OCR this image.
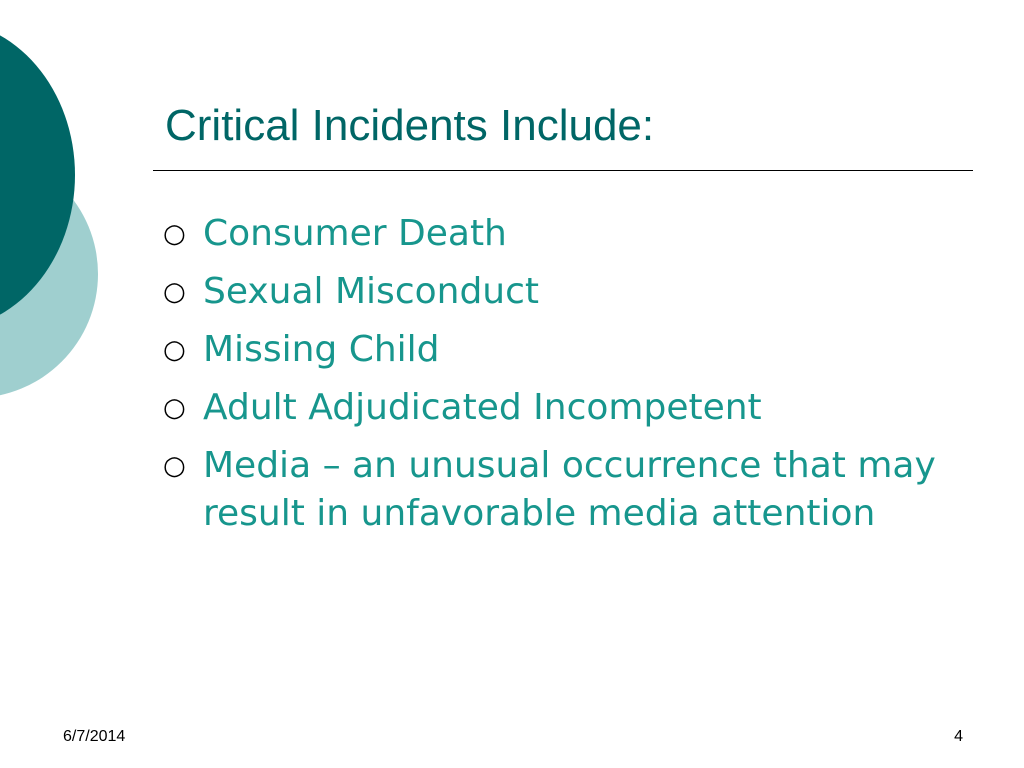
Critical Incidents Include:
○ Consumer Death
○ Sexual Misconduct
○ Missing Child
○ Adult Adjudicated Incompetent
○ Media – an unusual occurrence that may result in unfavorable media attention
6/7/2014	4
